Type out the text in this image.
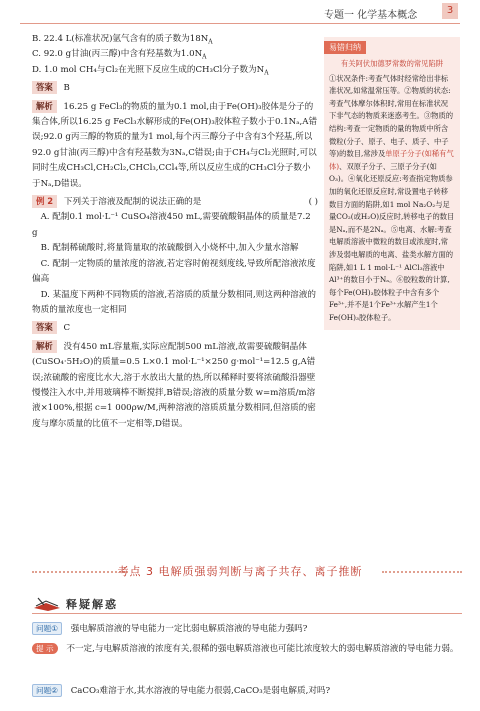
专题一 化学基本概念	3

B. 22.4 L(标准状况)氩气含有的质子数为$18N_A$

C. 92.0 g甘油(丙三醇)中含有羟基数为$1.0N_A$

D. 1.0 mol CH₄与Cl₂在光照下反应生成的CH₃Cl分子数为$N_A$

答案 B

解析 16.25 g FeCl₃的物质的量为0.1 mol,由于Fe(OH)₃胶体是分子的集合体,所以16.25 g FeCl₃水解形成的Fe(OH)₃胶体粒子数小于0.1Nₐ,A错误;92.0 g丙三醇的物质的量为1 mol,每个丙三醇分子中含有3个羟基,所以92.0 g甘油(丙三醇)中含有羟基数为3Nₐ,C错误;由于CH₄与Cl₂光照时,可以同时生成CH₃Cl,CH₂Cl₂,CHCl₃,CCl₄等,所以反应生成的CH₃Cl分子数小于Nₐ,D错误。

例 2 下列关于溶液及配制的说法正确的是	( )

A. 配制0.1 mol·L⁻¹ CuSO₄溶液450 mL,需要硫酸铜晶体的质量是7.2 g

B. 配制稀硫酸时,将量筒量取的浓硫酸倒入小烧杯中,加入少量水溶解

C. 配制一定物质的量浓度的溶液,若定容时俯视刻度线,导致所配溶液浓度偏高

D. 某温度下两种不同物质的溶液,若溶质的质量分数相同,则这两种溶液的物质的量浓度也一定相同

答案 C

解析 没有450 mL容量瓶,实际应配制500 mL溶液,故需要硫酸铜晶体(CuSO₄·5H₂O)的质量=0.5 L×0.1 mol·L⁻¹×250 g·mol⁻¹=12.5 g,A错误;浓硫酸的密度比水大,溶于水放出大量的热,所以稀释时要将浓硫酸沿器壁慢慢注入水中,并用玻璃棒不断搅拌,B错误;溶液的质量分数 w=m溶质/m溶液×100%,根据 c=1 000ρw/M,两种溶液的溶质质量分数相同,但溶质的密度与摩尔质量的比值不一定相等,D错误。

易错归纳
有关阿伏加德罗常数的常见陷阱

①状况条件:考查气体时经常给出非标准状况,如常温常压等。②物质的状态:考查气体摩尔体积时,常用在标准状况下非气态的物质来迷惑考生。③物质的结构:考查一定物质的量的物质中所含微粒(分子、原子、电子、质子、中子等)的数目,常涉及单原子分子(如稀有气体)、双原子分子、三原子分子(如O₃)。④氧化还原反应:考查指定物质参加的氧化还原反应时,常设置电子转移数目方面的陷阱,如1 mol Na₂O₂与足量CO₂(或H₂O)反应时,转移电子的数目是Nₐ,而不是2Nₐ。⑤电离、水解:考查电解质溶液中微粒的数目或浓度时,常涉及弱电解质的电离、盐类水解方面的陷阱,如1 L 1 mol·L⁻¹ AlCl₃溶液中Al³⁺的数目小于Nₐ。⑥胶粒数的计算,每个Fe(OH)₃胶体粒子中含有多个Fe³⁺,并不是1个Fe³⁺水解产生1个Fe(OH)₃胶体粒子。

考点 3 电解质强弱判断与离子共存、离子推断
释疑解惑

问题① 强电解质溶液的导电能力一定比弱电解质溶液的导电能力强吗?

提 示 不一定,与电解质溶液的浓度有关,很稀的强电解质溶液也可能比浓度较大的弱电解质溶液的导电能力弱。

问题② CaCO₃难溶于水,其水溶液的导电能力很弱,CaCO₃是弱电解质,对吗?
